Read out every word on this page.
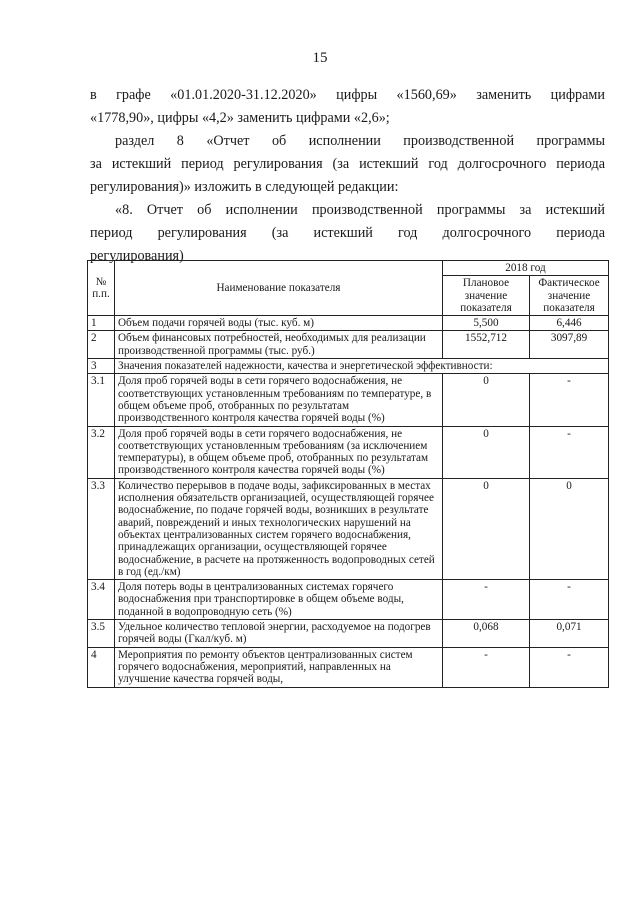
15
в графе «01.01.2020-31.12.2020» цифры «1560,69» заменить цифрами
«1778,90», цифры «4,2» заменить цифрами «2,6»;
раздел 8 «Отчет об исполнении производственной программы
за истекший период регулирования (за истекший год долгосрочного периода
регулирования)» изложить в следующей редакции:
«8. Отчет об исполнении производственной программы за истекший
период регулирования (за истекший год долгосрочного периода
регулирования)
№ п.п.	Наименование показателя	2018 год	
		Плановое значение показателя	Фактическое значение показателя
1	Объем подачи горячей воды (тыс. куб. м)	5,500	6,446
2	Объем финансовых потребностей, необходимых для реализации производственной программы (тыс. руб.)	1552,712	3097,89
3	Значения показателей надежности, качества и энергетической эффективности:		
3.1	Доля проб горячей воды в сети горячего водоснабжения, не соответствующих установленным требованиям по температуре, в общем объеме проб, отобранных по результатам производственного контроля качества горячей воды (%)	0	-
3.2	Доля проб горячей воды в сети горячего водоснабжения, не соответствующих установленным требованиям (за исключением температуры), в общем объеме проб, отобранных по результатам производственного контроля качества горячей воды (%)	0	-
3.3	Количество перерывов в подаче воды, зафиксированных в местах исполнения обязательств организацией, осуществляющей горячее водоснабжение, по подаче горячей воды, возникших в результате аварий, повреждений и иных технологических нарушений на объектах централизованных систем горячего водоснабжения, принадлежащих организации, осуществляющей горячее водоснабжение, в расчете на протяженность водопроводных сетей в год (ед./км)	0	0
3.4	Доля потерь воды в централизованных системах горячего водоснабжения при транспортировке в общем объеме воды, поданной в водопроводную сеть (%)	-	-
3.5	Удельное количество тепловой энергии, расходуемое на подогрев горячей воды (Гкал/куб. м)	0,068	0,071
4	Мероприятия по ремонту объектов централизованных систем горячего водоснабжения, мероприятий, направленных на улучшение качества горячей воды,	-	-
